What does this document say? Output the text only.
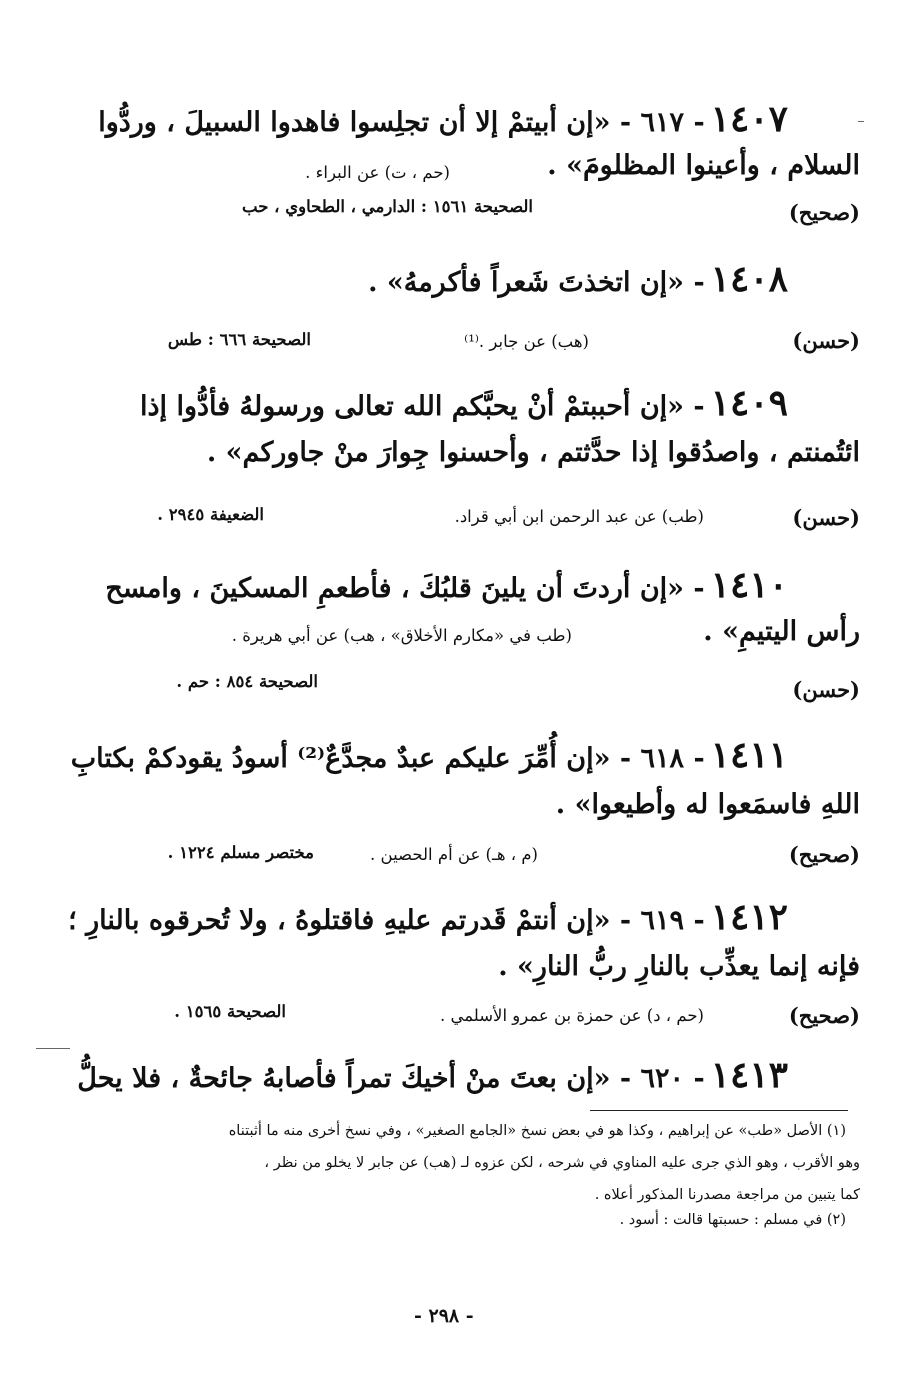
١٤٠٧- ٦١٧ - «إن أبيتمْ إلا أن تجلِسوا فاهدوا السبيلَ ، وردُّوا
السلام ، وأعينوا المظلومَ» .
(حم ، ت) عن البراء .
(صحيح)
الصحيحة ١٥٦١ : الدارمي ، الطحاوي ، حب
١٤٠٨- «إن اتخذتَ شَعراً فأكرمهُ» .
(حسن)
(هب) عن جابر .⁽¹⁾
الصحيحة ٦٦٦ : طس
١٤٠٩- «إن أحببتمْ أنْ يحبَّكم الله تعالى ورسولهُ فأدُّوا إذا
ائتُمنتم ، واصدُقوا إذا حدَّثتم ، وأحسنوا جِوارَ منْ جاوركم» .
(حسن)
(طب) عن عبد الرحمن ابن أبي قراد.
الضعيفة ٢٩٤٥ .
١٤١٠- «إن أردتَ أن يلينَ قلبُكَ ، فأطعمِ المسكينَ ، وامسح
رأس اليتيمِ» .
(طب في «مكارم الأخلاق» ، هب) عن أبي هريرة .
(حسن)
الصحيحة ٨٥٤ : حم .
١٤١١- ٦١٨ - «إن أُمِّرَ عليكم عبدٌ مجدَّعٌ⁽²⁾ أسودُ يقودكمْ بكتابِ
اللهِ فاسمَعوا له وأطيعوا» .
(صحيح)
(م ، هـ) عن أم الحصين .
مختصر مسلم ١٢٢٤ .
١٤١٢- ٦١٩ - «إن أنتمْ قَدرتم عليهِ فاقتلوهُ ، ولا تُحرقوه بالنارِ ؛
فإنه إنما يعذِّب بالنارِ ربُّ النارِ» .
(صحيح)
(حم ، د) عن حمزة بن عمرو الأسلمي .
الصحيحة ١٥٦٥ .
١٤١٣- ٦٢٠ - «إن بعتَ منْ أخيكَ تمراً فأصابهُ جائحةٌ ، فلا يحلُّ
(١) الأصل «طب» عن إبراهيم ، وكذا هو في بعض نسخ «الجامع الصغير» ، وفي نسخ أخرى منه ما أثبتناه
وهو الأقرب ، وهو الذي جرى عليه المناوي في شرحه ، لكن عزوه لـ (هب) عن جابر لا يخلو من نظر ،
كما يتبين من مراجعة مصدرنا المذكور أعلاه .
(٢) في مسلم : حسبتها قالت : أسود .
- ٢٩٨ -
